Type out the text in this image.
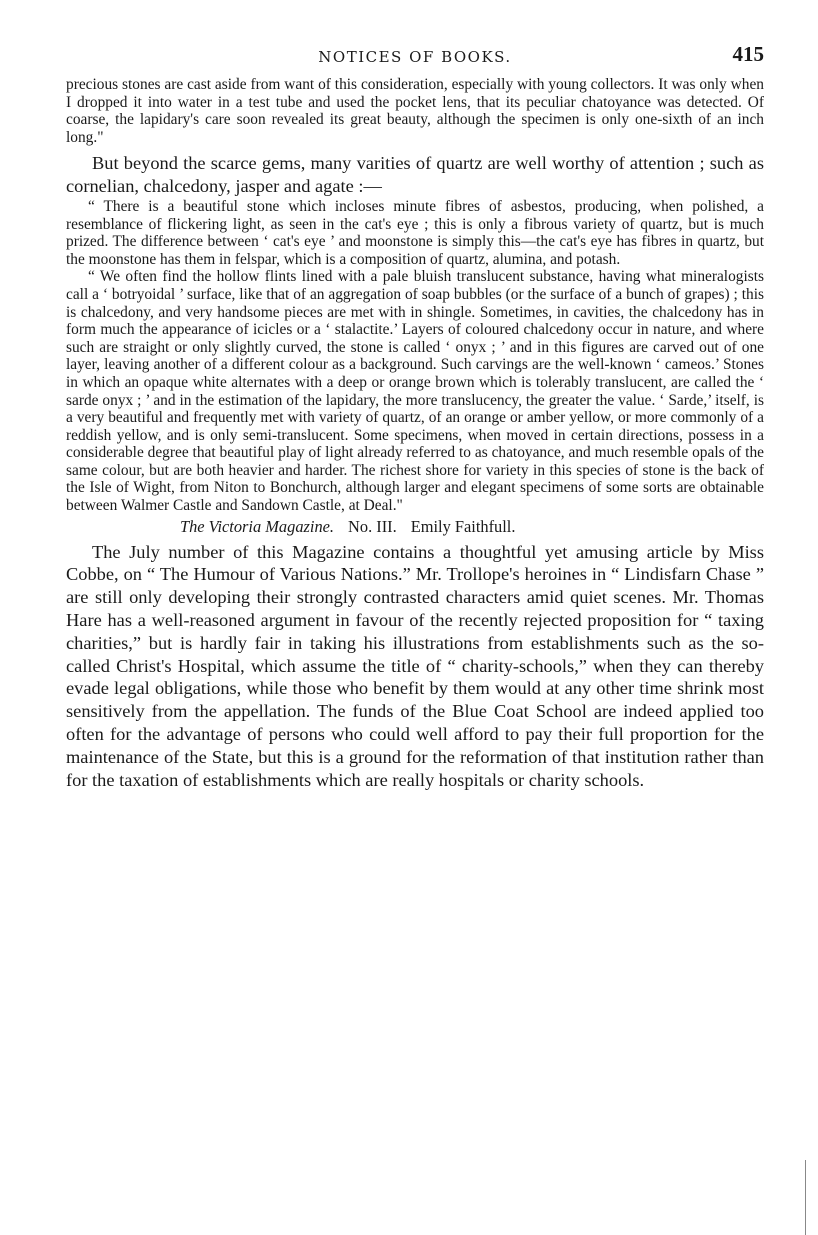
NOTICES OF BOOKS.	415

precious stones are cast aside from want of this consideration, especially with young collectors. It was only when I dropped it into water in a test tube and used the pocket lens, that its peculiar chatoyance was detected. Of coarse, the lapidary's care soon revealed its great beauty, although the specimen is only one-sixth of an inch long."

But beyond the scarce gems, many varities of quartz are well worthy of attention ; such as cornelian, chalcedony, jasper and agate :—

“ There is a beautiful stone which incloses minute fibres of asbestos, producing, when polished, a resemblance of flickering light, as seen in the cat's eye ; this is only a fibrous variety of quartz, but is much prized. The difference between ‘ cat's eye ’ and moonstone is simply this—the cat's eye has fibres in quartz, but the moonstone has them in felspar, which is a composition of quartz, alumina, and potash.

“ We often find the hollow flints lined with a pale bluish translucent substance, having what mineralogists call a ‘ botryoidal ’ surface, like that of an aggregation of soap bubbles (or the surface of a bunch of grapes) ; this is chalcedony, and very handsome pieces are met with in shingle. Sometimes, in cavities, the chalcedony has in form much the appearance of icicles or a ‘ stalactite.’ Layers of coloured chalcedony occur in nature, and where such are straight or only slightly curved, the stone is called ‘ onyx ; ’ and in this figures are carved out of one layer, leaving another of a different colour as a background. Such carvings are the well-known ‘ cameos.’ Stones in which an opaque white alternates with a deep or orange brown which is tolerably translucent, are called the ‘ sarde onyx ; ’ and in the estimation of the lapidary, the more translucency, the greater the value. ‘ Sarde,’ itself, is a very beautiful and frequently met with variety of quartz, of an orange or amber yellow, or more commonly of a reddish yellow, and is only semi-translucent. Some specimens, when moved in certain directions, possess in a considerable degree that beautiful play of light already referred to as chatoyance, and much resemble opals of the same colour, but are both heavier and harder. The richest shore for variety in this species of stone is the back of the Isle of Wight, from Niton to Bonchurch, although larger and elegant specimens of some sorts are obtainable between Walmer Castle and Sandown Castle, at Deal."

The Victoria Magazine. No. III. Emily Faithfull.

The July number of this Magazine contains a thoughtful yet amusing article by Miss Cobbe, on “ The Humour of Various Nations.” Mr. Trollope's heroines in “ Lindisfarn Chase ” are still only developing their strongly contrasted characters amid quiet scenes. Mr. Thomas Hare has a well-reasoned argument in favour of the recently rejected proposition for “ taxing charities,” but is hardly fair in taking his illustrations from establishments such as the so-called Christ's Hospital, which assume the title of “ charity-schools,” when they can thereby evade legal obligations, while those who benefit by them would at any other time shrink most sensitively from the appellation. The funds of the Blue Coat School are indeed applied too often for the advantage of persons who could well afford to pay their full proportion for the maintenance of the State, but this is a ground for the reformation of that institution rather than for the taxation of establishments which are really hospitals or charity schools.
